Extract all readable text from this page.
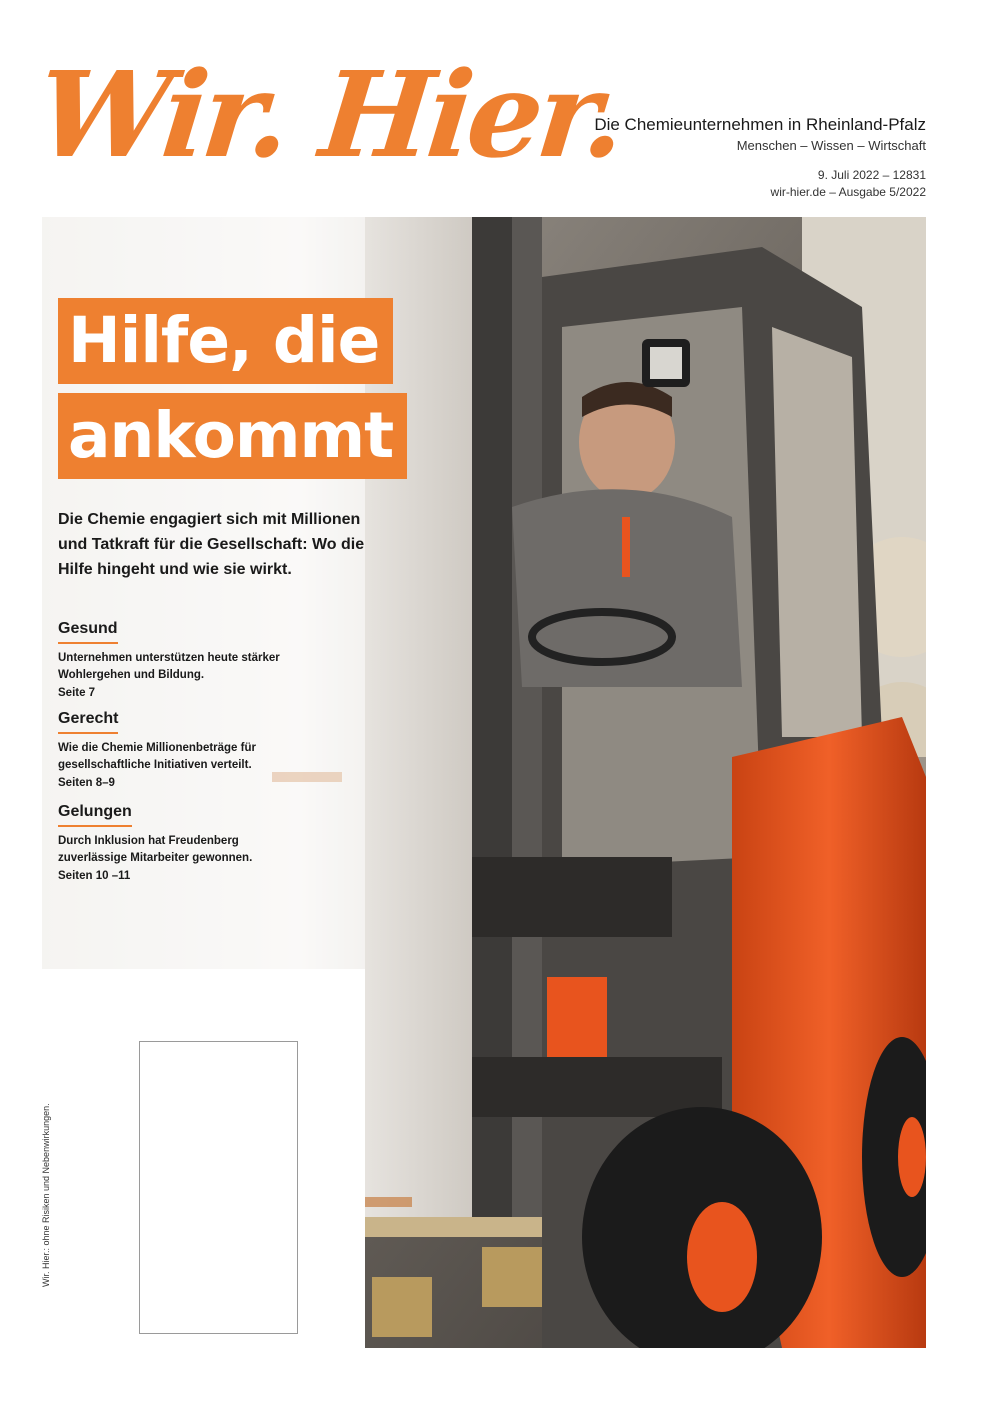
Wir. Hier.
Die Chemieunternehmen in Rheinland-Pfalz
Menschen – Wissen – Wirtschaft
9. Juli 2022 – 12831
wir-hier.de – Ausgabe 5/2022
Hilfe, die
ankommt
Die Chemie engagiert sich mit Millionen und Tatkraft für die Gesellschaft: Wo die Hilfe hingeht und wie sie wirkt.
Gesund
Unternehmen unterstützen heute stärker Wohlergehen und Bildung.
Seite 7
Gerecht
Wie die Chemie Millionenbeträge für gesellschaftliche Initiativen verteilt.
Seiten 8–9
Gelungen
Durch Inklusion hat Freudenberg zuverlässige Mitarbeiter gewonnen.
Seiten 10 –11
Wir. Hier.: ohne Risiken und Nebenwirkungen.
